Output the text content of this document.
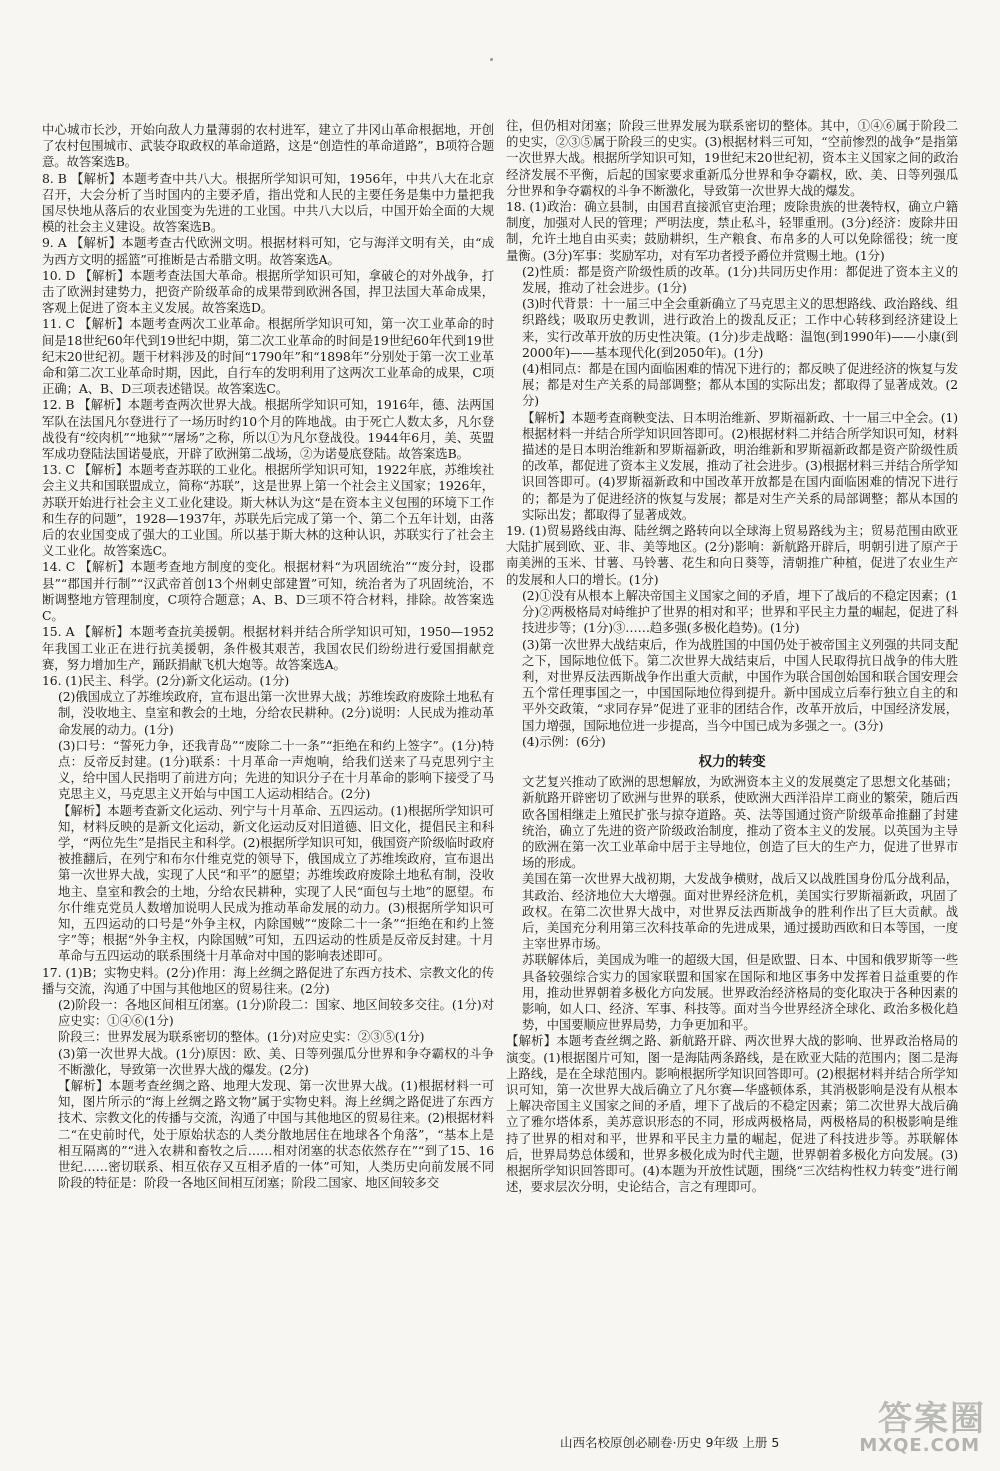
中心城市长沙，开始向敌人力量薄弱的农村进军，建立了井冈山革命根据地，开创了农村包围城市、武装夺取政权的革命道路，这是“创造性的革命道路”，B项符合题意。故答案选B。
8. B 【解析】本题考查中共八大。根据所学知识可知，1956年，中共八大在北京召开，大会分析了当时国内的主要矛盾，指出党和人民的主要任务是集中力量把我国尽快地从落后的农业国变为先进的工业国。中共八大以后，中国开始全面的大规模的社会主义建设。故答案选B。
9. A 【解析】本题考查古代欧洲文明。根据材料可知，它与海洋文明有关，由“成为西方文明的摇篮”可推断是古希腊文明。故答案选A。
10. D 【解析】本题考查法国大革命。根据所学知识可知，拿破仑的对外战争，打击了欧洲封建势力，把资产阶级革命的成果带到欧洲各国，捍卫法国大革命成果，客观上促进了资本主义发展。故答案选D。
11. C 【解析】本题考查两次工业革命。根据所学知识可知，第一次工业革命的时间是18世纪60年代到19世纪中期，第二次工业革命的时间是19世纪60年代到19世纪末20世纪初。题干材料涉及的时间“1790年”和“1898年”分别处于第一次工业革命和第二次工业革命时期，因此，自行车的发明利用了这两次工业革命的成果，C项正确；A、B、D三项表述错误。故答案选C。
12. B 【解析】本题考查两次世界大战。根据所学知识可知，1916年，德、法两国军队在法国凡尔登进行了一场历时约10个月的阵地战。由于死亡人数太多，凡尔登战役有“绞肉机”“地狱”“屠场”之称，所以①为凡尔登战役。1944年6月，美、英盟军成功登陆法国诺曼底，开辟了欧洲第二战场，②为诺曼底登陆。故答案选B。
13. C 【解析】本题考查苏联的工业化。根据所学知识可知，1922年底，苏维埃社会主义共和国联盟成立，简称“苏联”，这是世界上第一个社会主义国家；1926年，苏联开始进行社会主义工业化建设。斯大林认为这“是在资本主义包围的环境下工作和生存的问题”，1928—1937年，苏联先后完成了第一个、第二个五年计划，由落后的农业国变成了强大的工业国。所以基于斯大林的这种认识，苏联实行了社会主义工业化。故答案选C。
14. C 【解析】本题考查地方制度的变化。根据材料“为巩固统治”“废分封，设郡县”“郡国并行制”“汉武帝首创13个州刺史部建置”可知，统治者为了巩固统治，不断调整地方管理制度，C项符合题意；A、B、D三项不符合材料，排除。故答案选C。
15. A 【解析】本题考查抗美援朝。根据材料并结合所学知识可知，1950—1952年我国工业正在进行抗美援朝，条件极其艰苦，我国农民们纷纷进行爱国捐献竞赛，努力增加生产，踊跃捐献飞机大炮等。故答案选A。
16. (1)民主、科学。(2分)新文化运动。(1分)
(2)俄国成立了苏维埃政府，宣布退出第一次世界大战；苏维埃政府废除土地私有制，没收地主、皇室和教会的土地，分给农民耕种。(2分)说明：人民成为推动革命发展的动力。(1分)
(3)口号：“誓死力争，还我青岛”“废除二十一条”“拒绝在和约上签字”。(1分)特点：反帝反封建。(1分)联系：十月革命一声炮响，给我们送来了马克思列宁主义，给中国人民指明了前进方向；先进的知识分子在十月革命的影响下接受了马克思主义，马克思主义开始与中国工人运动相结合。(2分)
【解析】本题考查新文化运动、列宁与十月革命、五四运动。(1)根据所学知识可知，材料反映的是新文化运动，新文化运动反对旧道德、旧文化，提倡民主和科学，“两位先生”是指民主和科学。(2)根据所学知识可知，俄国资产阶级临时政府被推翻后，在列宁和布尔什维克党的领导下，俄国成立了苏维埃政府，宣布退出第一次世界大战，实现了人民“和平”的愿望；苏维埃政府废除土地私有制，没收地主、皇室和教会的土地，分给农民耕种，实现了人民“面包与土地”的愿望。布尔什维克党员人数增加说明人民成为推动革命发展的动力。(3)根据所学知识可知，五四运动的口号是“外争主权，内除国贼”“废除二十一条”“拒绝在和约上签字”等；根据“外争主权，内除国贼”可知，五四运动的性质是反帝反封建。十月革命与五四运动的联系围绕十月革命对中国的影响表述即可。
17. (1)B；实物史料。(2分)作用：海上丝绸之路促进了东西方技术、宗教文化的传播与交流，沟通了中国与其他地区的贸易往来。(2分)
(2)阶段一：各地区间相互闭塞。(1分)阶段二：国家、地区间较多交往。(1分)对应史实：①④⑥(1分)
阶段三：世界发展为联系密切的整体。(1分)对应史实：②③⑤(1分)
(3)第一次世界大战。(1分)原因：欧、美、日等列强瓜分世界和争夺霸权的斗争不断激化，导致第一次世界大战的爆发。(2分)
【解析】本题考查丝绸之路、地理大发现、第一次世界大战。(1)根据材料一可知，图片所示的“海上丝绸之路文物”属于实物史料。海上丝绸之路促进了东西方技术、宗教文化的传播与交流，沟通了中国与其他地区的贸易往来。(2)根据材料二“在史前时代，处于原始状态的人类分散地居住在地球各个角落”，“基本上是相互隔离的”“进入农耕和畜牧之后……相对闭塞的状态依然存在”“到了15、16世纪……密切联系、相互依存又互相矛盾的一体”可知，人类历史向前发展不同阶段的特征是：阶段一各地区间相互闭塞；阶段二国家、地区间较多交
往，但仍相对闭塞；阶段三世界发展为联系密切的整体。其中，①④⑥属于阶段二的史实，②③⑤属于阶段三的史实。(3)根据材料三可知，“空前惨烈的战争”是指第一次世界大战。根据所学知识可知，19世纪末20世纪初，资本主义国家之间的政治经济发展不平衡，后起的国家要求重新瓜分世界和争夺霸权，欧、美、日等列强瓜分世界和争夺霸权的斗争不断激化，导致第一次世界大战的爆发。
18. (1)政治：确立县制，由国君直接派官吏治理；废除贵族的世袭特权，确立户籍制度，加强对人民的管理；严明法度，禁止私斗，轻罪重刑。(3分)经济：废除井田制，允许土地自由买卖；鼓励耕织，生产粮食、布帛多的人可以免除徭役；统一度量衡。(3分)军事：奖励军功，对有军功者授予爵位并赏赐土地。(1分)
(2)性质：都是资产阶级性质的改革。(1分)共同历史作用：都促进了资本主义的发展，推动了社会进步。(1分)
(3)时代背景：十一届三中全会重新确立了马克思主义的思想路线、政治路线、组织路线；吸取历史教训，进行政治上的拨乱反正；工作中心转移到经济建设上来，实行改革开放的历史性决策。(1分)步走战略：温饱(到1990年)——小康(到2000年)——基本现代化(到2050年)。(1分)
(4)相同点：都是在国内面临困难的情况下进行的；都反映了促进经济的恢复与发展；都是对生产关系的局部调整；都从本国的实际出发；都取得了显著成效。(2分)
【解析】本题考查商鞅变法、日本明治维新、罗斯福新政、十一届三中全会。(1)根据材料一并结合所学知识回答即可。(2)根据材料二并结合所学知识可知，材料描述的是日本明治维新和罗斯福新政，明治维新和罗斯福新政都是资产阶级性质的改革，都促进了资本主义发展，推动了社会进步。(3)根据材料三并结合所学知识回答即可。(4)罗斯福新政和中国改革开放都是在国内面临困难的情况下进行的；都是为了促进经济的恢复与发展；都是对生产关系的局部调整；都从本国的实际出发；都取得了显著成效。
19. (1)贸易路线由海、陆丝绸之路转向以全球海上贸易路线为主；贸易范围由欧亚大陆扩展到欧、亚、非、美等地区。(2分)影响：新航路开辟后，明朝引进了原产于南美洲的玉米、甘薯、马铃薯、花生和向日葵等，清朝推广种植，促进了农业生产的发展和人口的增长。(1分)
(2)①没有从根本上解决帝国主义国家之间的矛盾，埋下了战后的不稳定因素；(1分)②两极格局对峙维护了世界的相对和平；世界和平民主力量的崛起，促进了科技进步等；(1分)③……趋多强(多极化趋势)。(1分)
(3)第一次世界大战结束后，作为战胜国的中国仍处于被帝国主义列强的共同支配之下，国际地位低下。第二次世界大战结束后，中国人民取得抗日战争的伟大胜利，对世界反法西斯战争作出重大贡献，中国作为联合国创始国和联合国安理会五个常任理事国之一，中国国际地位得到提升。新中国成立后奉行独立自主的和平外交政策，“求同存异”促进了亚非的团结合作，改革开放后，中国经济发展，国力增强，国际地位进一步提高，当今中国已成为多强之一。(3分)
(4)示例：(6分)
权力的转变
文艺复兴推动了欧洲的思想解放，为欧洲资本主义的发展奠定了思想文化基础；新航路开辟密切了欧洲与世界的联系，使欧洲大西洋沿岸工商业的繁荣，随后西欧各国相继走上殖民扩张与掠夺道路。英、法等国通过资产阶级革命推翻了封建统治，确立了先进的资产阶级政治制度，推动了资本主义的发展。以英国为主导的欧洲在第一次工业革命中居于主导地位，创造了巨大的生产力，促进了世界市场的形成。
美国在第一次世界大战初期，大发战争横财，战后又以战胜国身份瓜分战利品，其政治、经济地位大大增强。面对世界经济危机，美国实行罗斯福新政，巩固了政权。在第二次世界大战中，对世界反法西斯战争的胜利作出了巨大贡献。战后，美国充分利用第三次科技革命的先进成果，通过援助西欧和日本等国，一度主宰世界市场。
苏联解体后，美国成为唯一的超级大国，但是欧盟、日本、中国和俄罗斯等一些具备较强综合实力的国家联盟和国家在国际和地区事务中发挥着日益重要的作用，推动世界朝着多极化方向发展。世界政治经济格局的变化取决于各种因素的影响，如人口、经济、军事、科技等。面对当今世界经济全球化、政治多极化趋势，中国要顺应世界局势，力争更加和平。
【解析】本题考查丝绸之路、新航路开辟、两次世界大战的影响、世界政治格局的演变。(1)根据图片可知，图一是海陆两条路线，是在欧亚大陆的范围内；图二是海上路线，是在全球范围内。影响根据所学知识回答即可。(2)根据材料并结合所学知识可知，第一次世界大战后确立了凡尔赛—华盛顿体系，其消极影响是没有从根本上解决帝国主义国家之间的矛盾，埋下了战后的不稳定因素；第二次世界大战后确立了雅尔塔体系，美苏意识形态的不同，形成两极格局，两极格局的积极影响是维持了世界的相对和平，世界和平民主力量的崛起，促进了科技进步等。苏联解体后，世界局势总体缓和，世界多极化成为时代主题，世界朝着多极化方向发展。(3)根据所学知识回答即可。(4)本题为开放性试题，围绕“三次结构性权力转变”进行阐述，要求层次分明，史论结合，言之有理即可。
山西名校原创必刷卷·历史 9年级 上册 5
答案圈
MXQE.COM
